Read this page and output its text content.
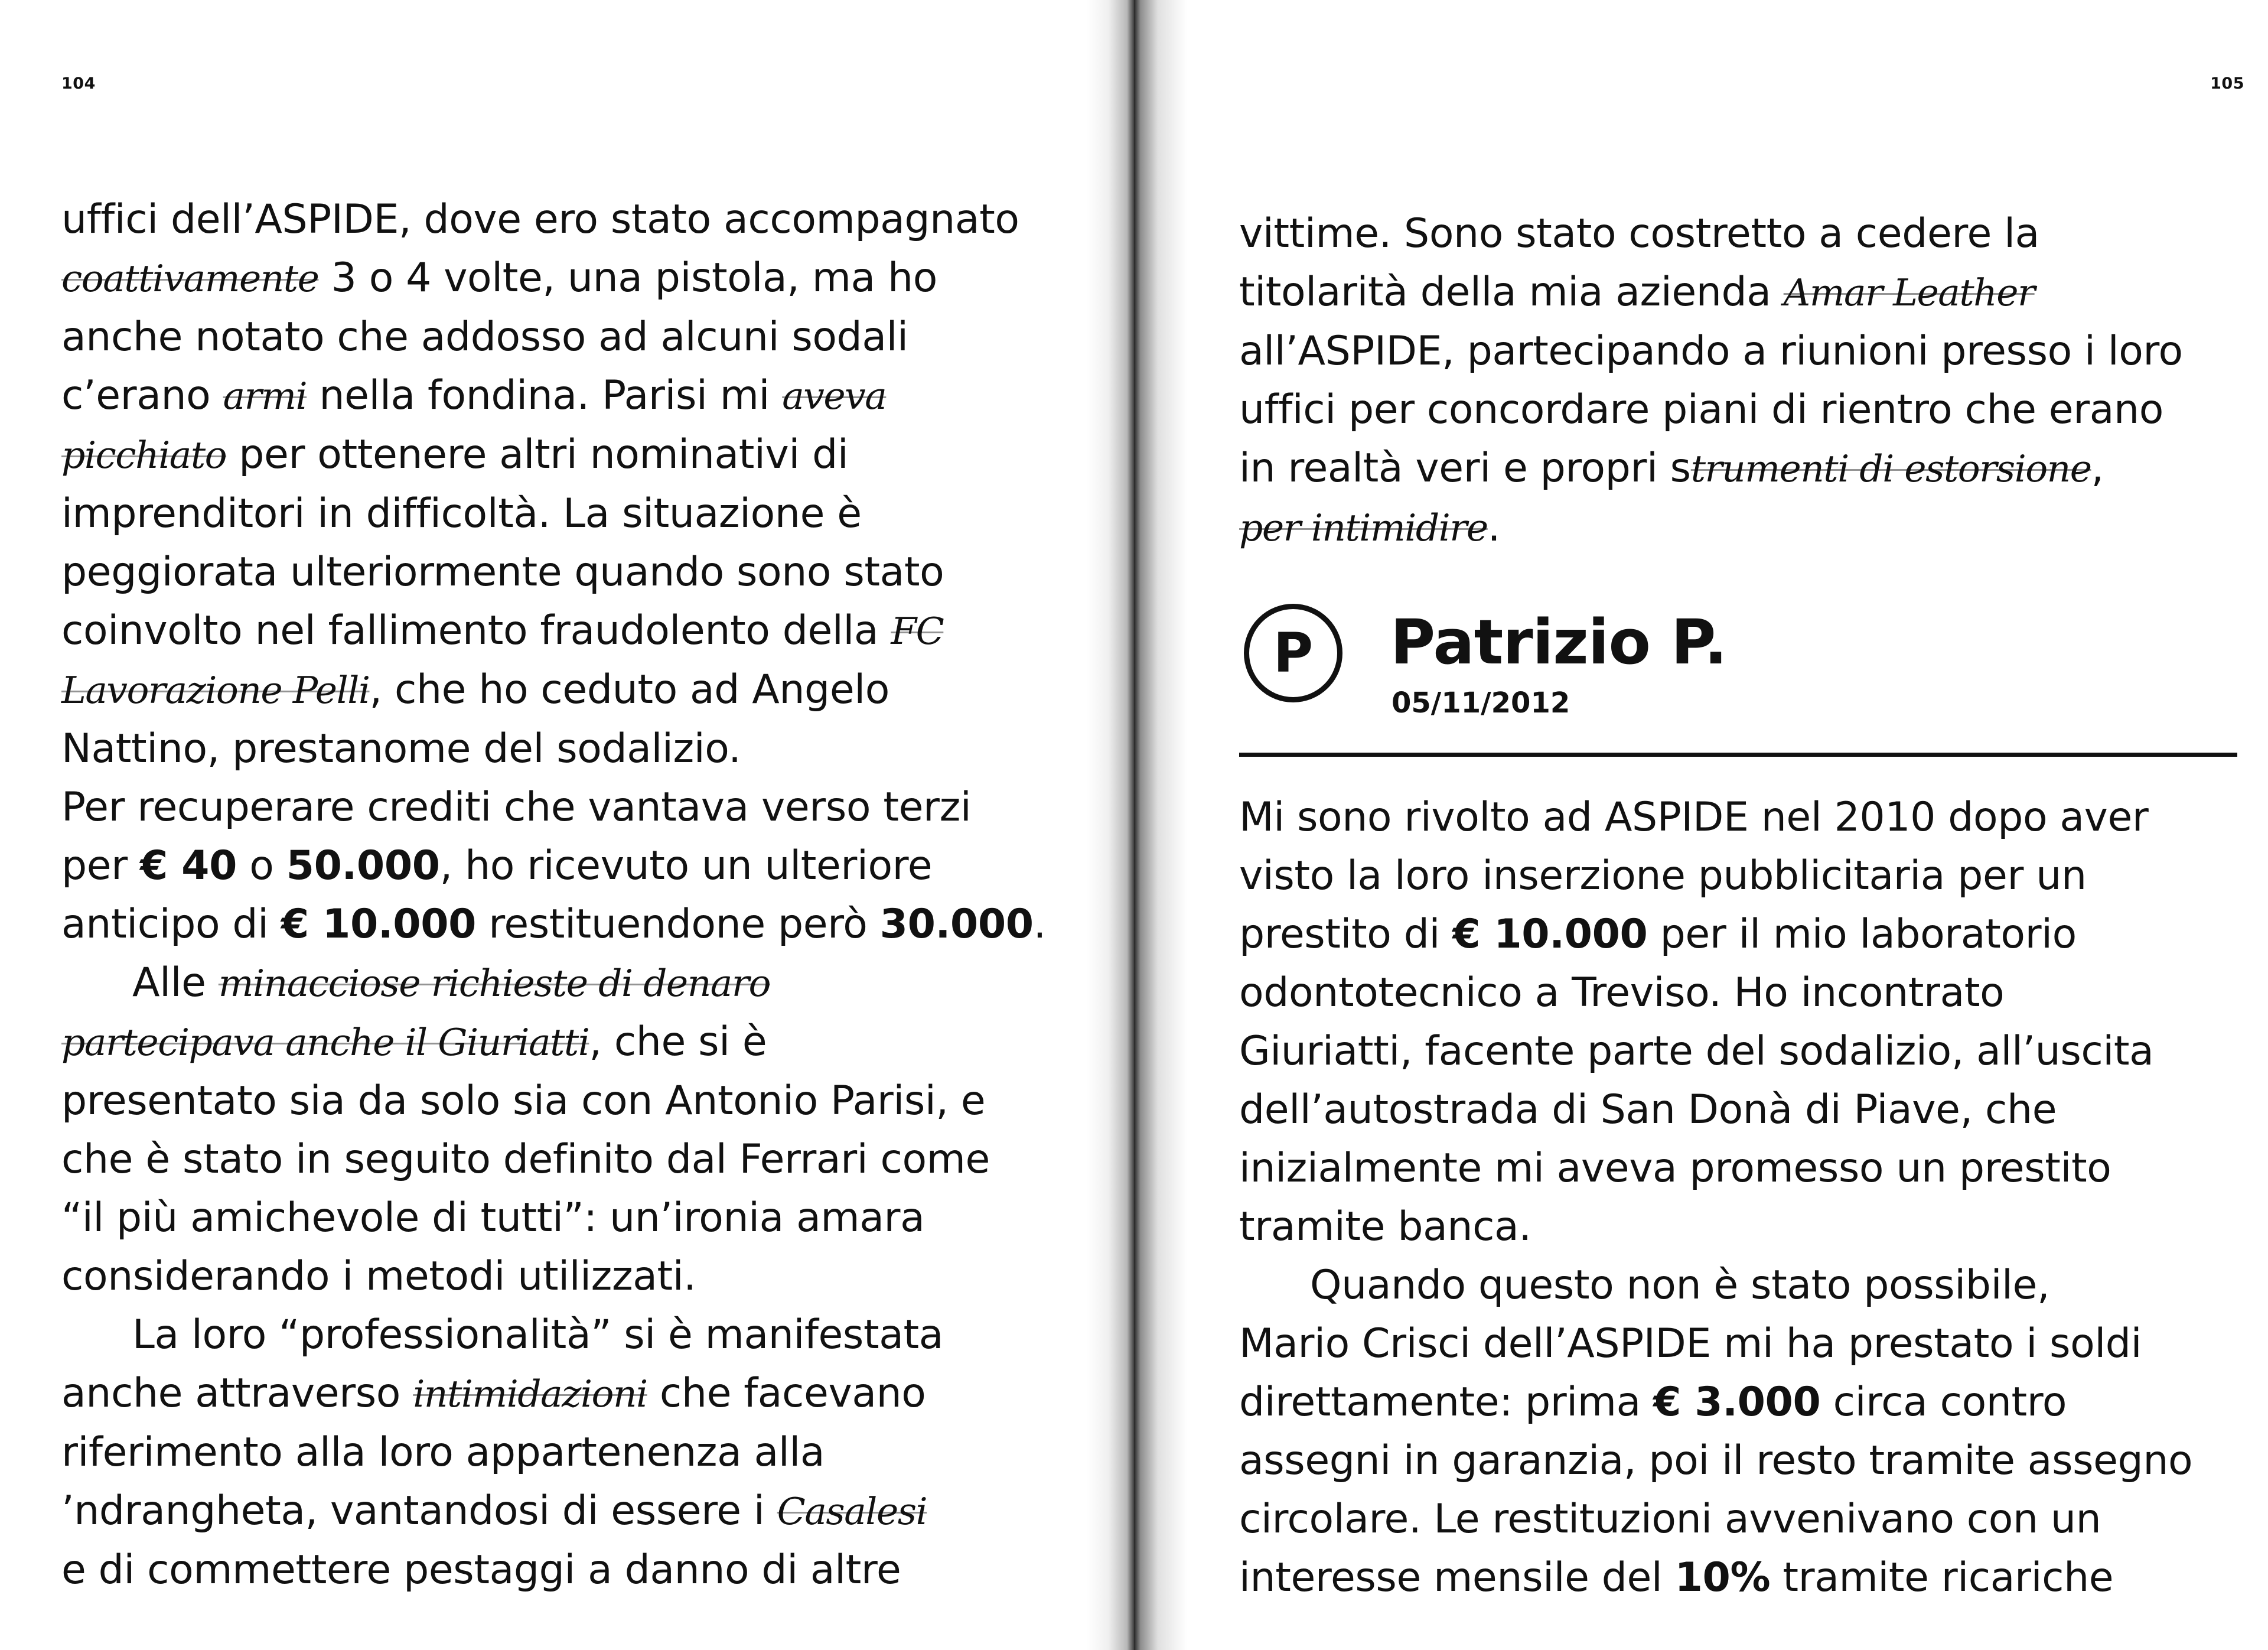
104
uffici dell’ASPIDE, dove ero stato accompagnato
coattivamente 3 o 4 volte, una pistola, ma ho
anche notato che addosso ad alcuni sodali
c’erano armi nella fondina. Parisi mi aveva
picchiato per ottenere altri nominativi di
imprenditori in difficoltà. La situazione è
peggiorata ulteriormente quando sono stato
coinvolto nel fallimento fraudolento della FC
Lavorazione Pelli, che ho ceduto ad Angelo
Nattino, prestanome del sodalizio.
Per recuperare crediti che vantava verso terzi
per € 40 o 50.000, ho ricevuto un ulteriore
anticipo di € 10.000 restituendone però 30.000.
Alle minacciose richieste di denaro
partecipava anche il Giuriatti, che si è
presentato sia da solo sia con Antonio Parisi, e
che è stato in seguito definito dal Ferrari come
“il più amichevole di tutti”: un’ironia amara
considerando i metodi utilizzati.
La loro “professionalità” si è manifestata
anche attraverso intimidazioni che facevano
riferimento alla loro appartenenza alla
’ndrangheta, vantandosi di essere i Casalesi
e di commettere pestaggi a danno di altre
105
vittime. Sono stato costretto a cedere la
titolarità della mia azienda Amar Leather
all’ASPIDE, partecipando a riunioni presso i loro
uffici per concordare piani di rientro che erano
in realtà veri e propri strumenti di estorsione,
per intimidire.
P	Patrizio P.
05/11/2012
Mi sono rivolto ad ASPIDE nel 2010 dopo aver
visto la loro inserzione pubblicitaria per un
prestito di € 10.000 per il mio laboratorio
odontotecnico a Treviso. Ho incontrato
Giuriatti, facente parte del sodalizio, all’uscita
dell’autostrada di San Donà di Piave, che
inizialmente mi aveva promesso un prestito
tramite banca.
Quando questo non è stato possibile,
Mario Crisci dell’ASPIDE mi ha prestato i soldi
direttamente: prima € 3.000 circa contro
assegni in garanzia, poi il resto tramite assegno
circolare. Le restituzioni avvenivano con un
interesse mensile del 10% tramite ricariche
